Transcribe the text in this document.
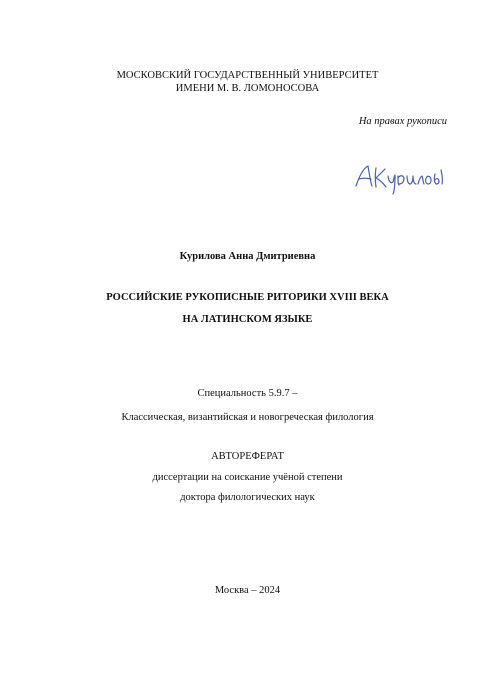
МОСКОВСКИЙ ГОСУДАРСТВЕННЫЙ УНИВЕРСИТЕТ
ИМЕНИ М. В. ЛОМОНОСОВА
На правах рукописи
Курилова Анна Дмитриевна
РОССИЙСКИЕ РУКОПИСНЫЕ РИТОРИКИ XVIII ВЕКА
НА ЛАТИНСКОМ ЯЗЫКЕ
Специальность 5.9.7 –
Классическая, византийская и новогреческая филология
АВТОРЕФЕРАТ
диссертации на соискание учёной степени
доктора филологических наук
Москва – 2024
